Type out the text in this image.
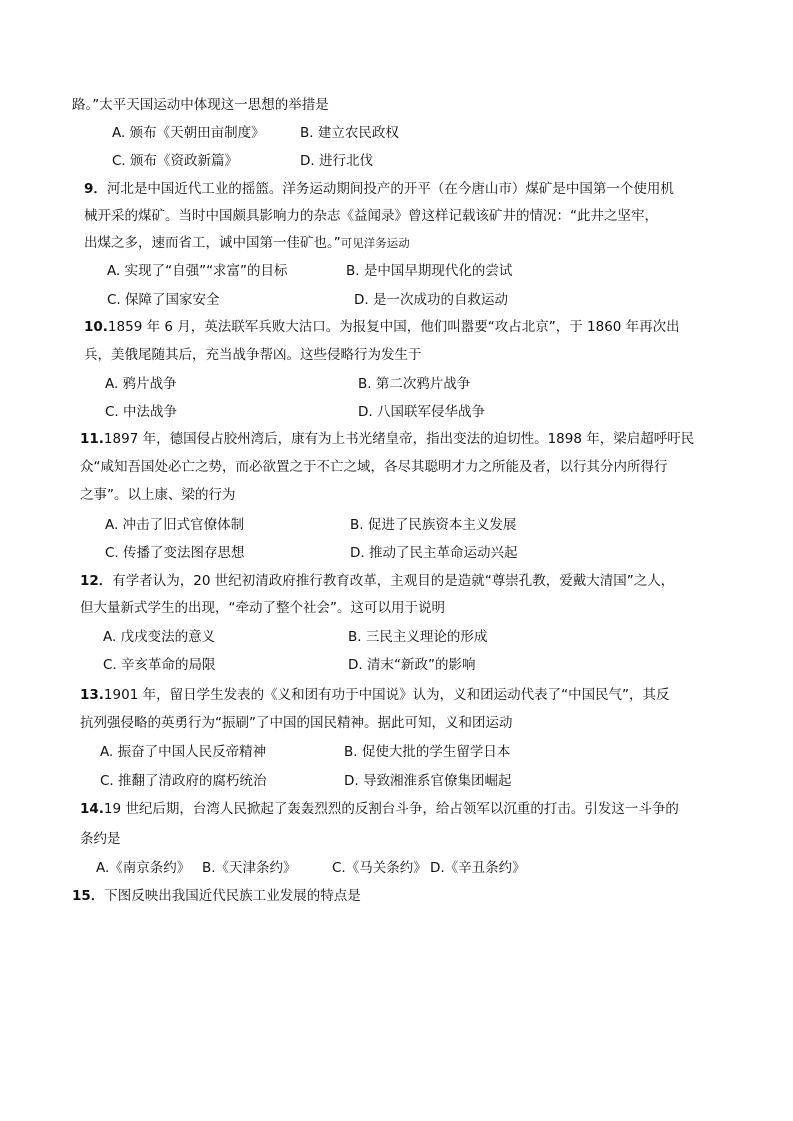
路。”太平天国运动中体现这一思想的举措是
A. 颁布《天朝田亩制度》	B. 建立农民政权
C. 颁布《资政新篇》	D. 进行北伐
9．河北是中国近代工业的摇篮。洋务运动期间投产的开平（在今唐山市）煤矿是中国第一个使用机
械开采的煤矿。当时中国颇具影响力的杂志《益闻录》曾这样记载该矿井的情况：“此井之坚牢，
出煤之多，速而省工，诚中国第一佳矿也。”可见洋务运动
A. 实现了“自强”“求富”的目标	B. 是中国早期现代化的尝试
C. 保障了国家安全	D. 是一次成功的自救运动
10.1859 年 6 月，英法联军兵败大沽口。为报复中国，他们叫嚣要“攻占北京”，于 1860 年再次出
兵，美俄尾随其后，充当战争帮凶。这些侵略行为发生于
A. 鸦片战争	B. 第二次鸦片战争
C. 中法战争	D. 八国联军侵华战争
11.1897 年，德国侵占胶州湾后，康有为上书光绪皇帝，指出变法的迫切性。1898 年，梁启超呼吁民
众“咸知吾国处必亡之势，而必欲置之于不亡之域，各尽其聪明才力之所能及者，以行其分内所得行
之事”。以上康、梁的行为
A. 冲击了旧式官僚体制	B. 促进了民族资本主义发展
C. 传播了变法图存思想	D. 推动了民主革命运动兴起
12．有学者认为，20 世纪初清政府推行教育改革，主观目的是造就“尊崇孔教，爱戴大清国”之人，
但大量新式学生的出现，“牵动了整个社会”。这可以用于说明
A. 戊戌变法的意义	B. 三民主义理论的形成
C. 辛亥革命的局限	D. 清末“新政”的影响
13.1901 年，留日学生发表的《义和团有功于中国说》认为，义和团运动代表了“中国民气”，其反
抗列强侵略的英勇行为“振刷”了中国的国民精神。据此可知，义和团运动
A. 振奋了中国人民反帝精神	B. 促使大批的学生留学日本
C. 推翻了清政府的腐朽统治	D. 导致湘淮系官僚集团崛起
14.19 世纪后期，台湾人民掀起了轰轰烈烈的反割台斗争，给占领军以沉重的打击。引发这一斗争的
条约是
A.《南京条约》 B.《天津条约》	C.《马关条约》 D.《辛丑条约》
15．下图反映出我国近代民族工业发展的特点是
